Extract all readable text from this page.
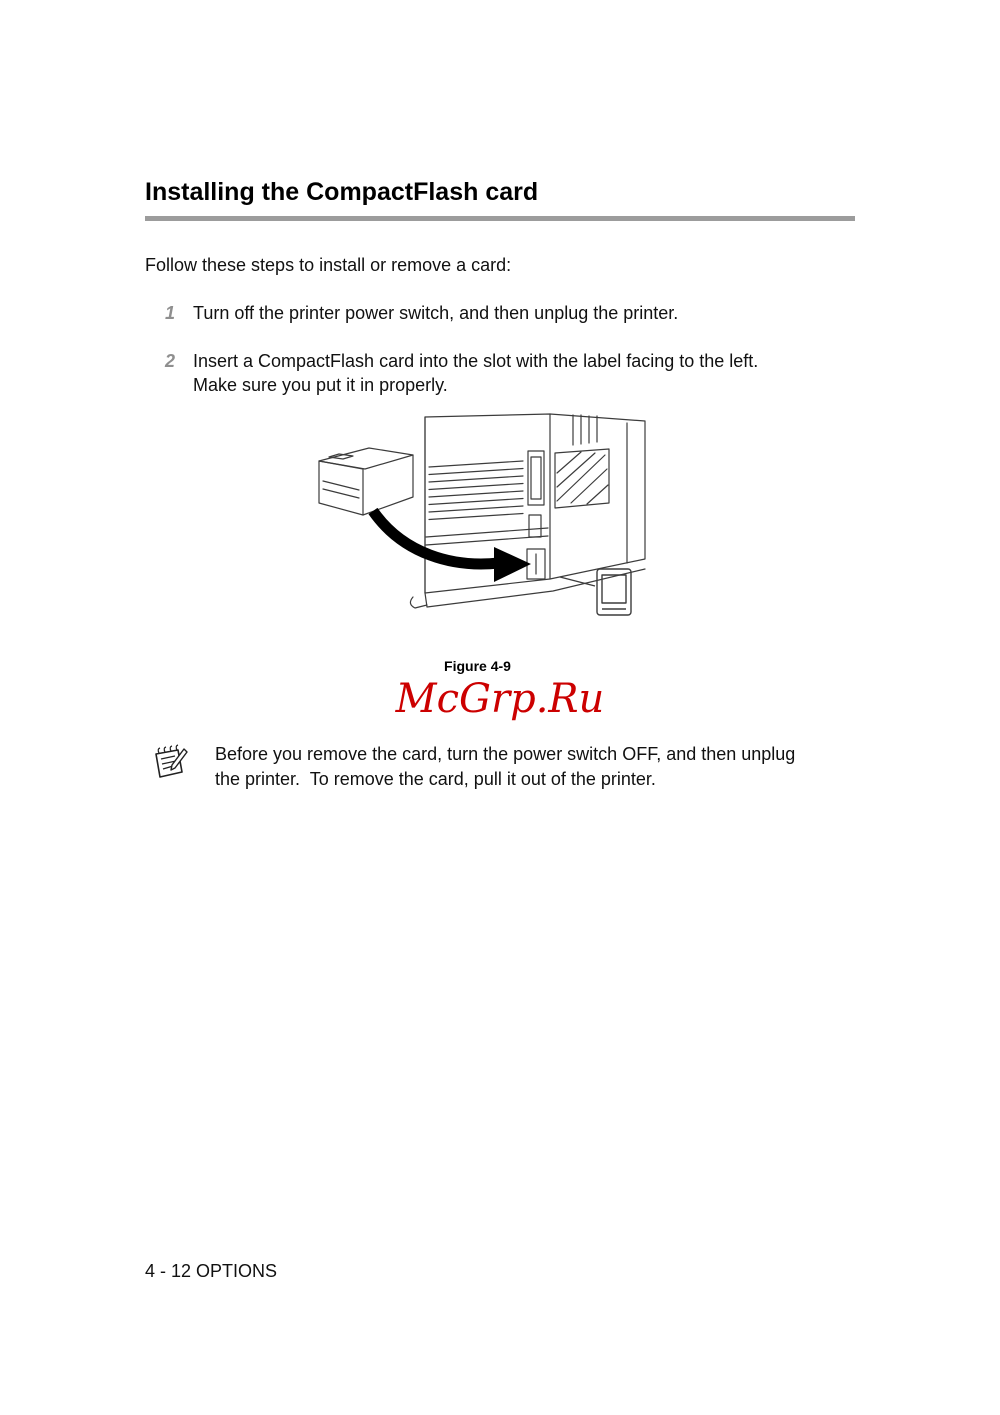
Installing the CompactFlash card

Follow these steps to install or remove a card:

1 Turn off the printer power switch, and then unplug the printer.

2 Insert a CompactFlash card into the slot with the label facing to the left.

Make sure you put it in properly.

Figure 4-9
McGrp.Ru

Before you remove the card, turn the power switch OFF, and then unplug the printer.  To remove the card, pull it out of the printer.

4 - 12 OPTIONS
